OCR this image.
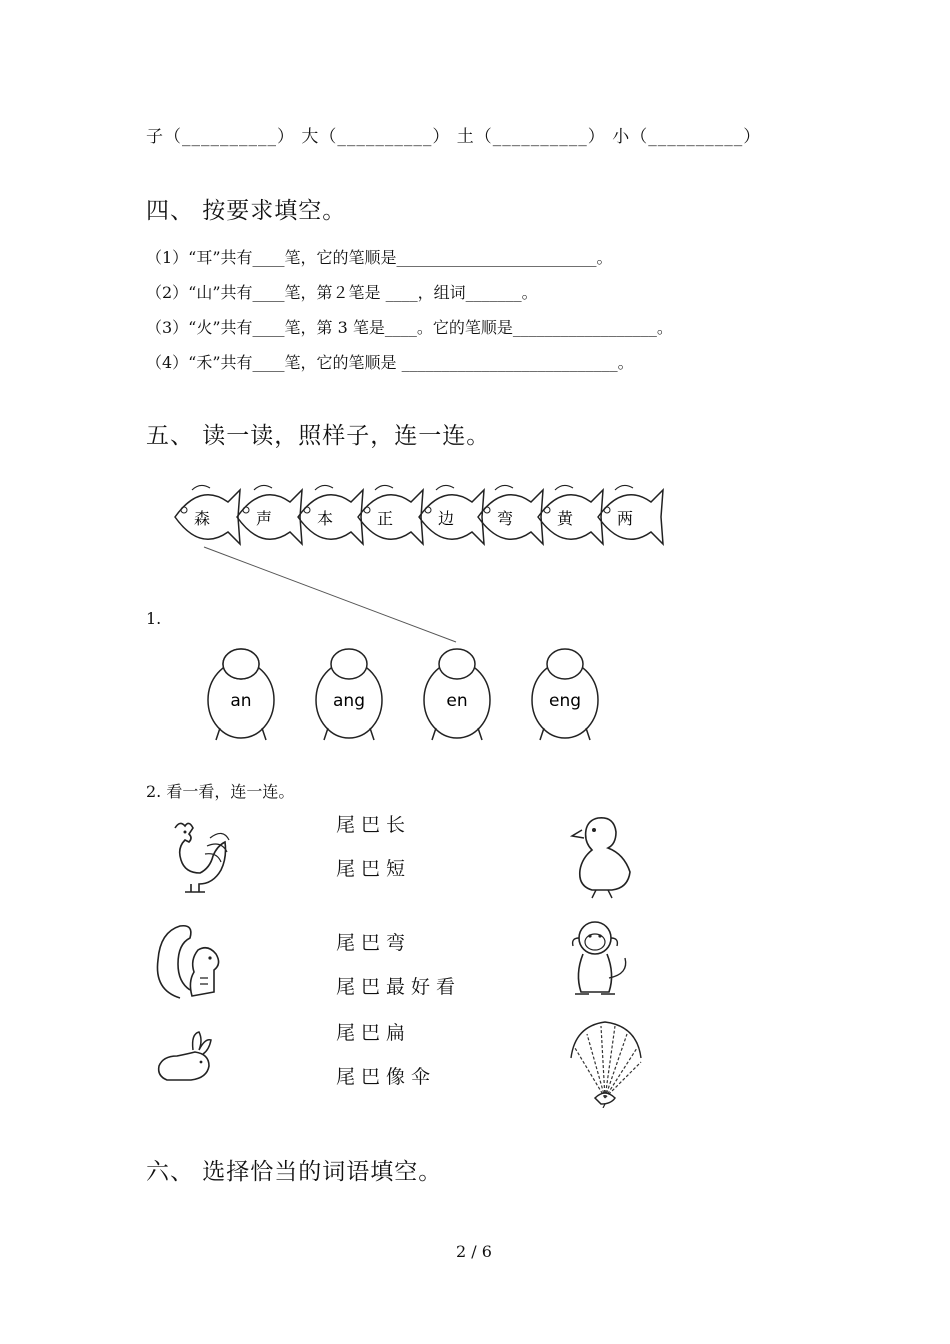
子（__________） 大（__________） 土（__________） 小（__________）
四、 按要求填空。
（1）“耳”共有____笔，它的笔顺是_________________________。
（2）“山”共有____笔，第２笔是 ____，组词_______。
（3）“火”共有____笔，第 3 笔是____。它的笔顺是__________________。
（4）“禾”共有____笔，它的笔顺是 ___________________________。
五、 读一读，照样子，连一连。
森	声	本	正	边	弯	黄	两
an	ang	en	eng
1.
2. 看一看，连一连。
尾巴长
尾巴短
尾巴弯
尾巴最好看
尾巴扁
尾巴像伞
六、 选择恰当的词语填空。
2 / 6
